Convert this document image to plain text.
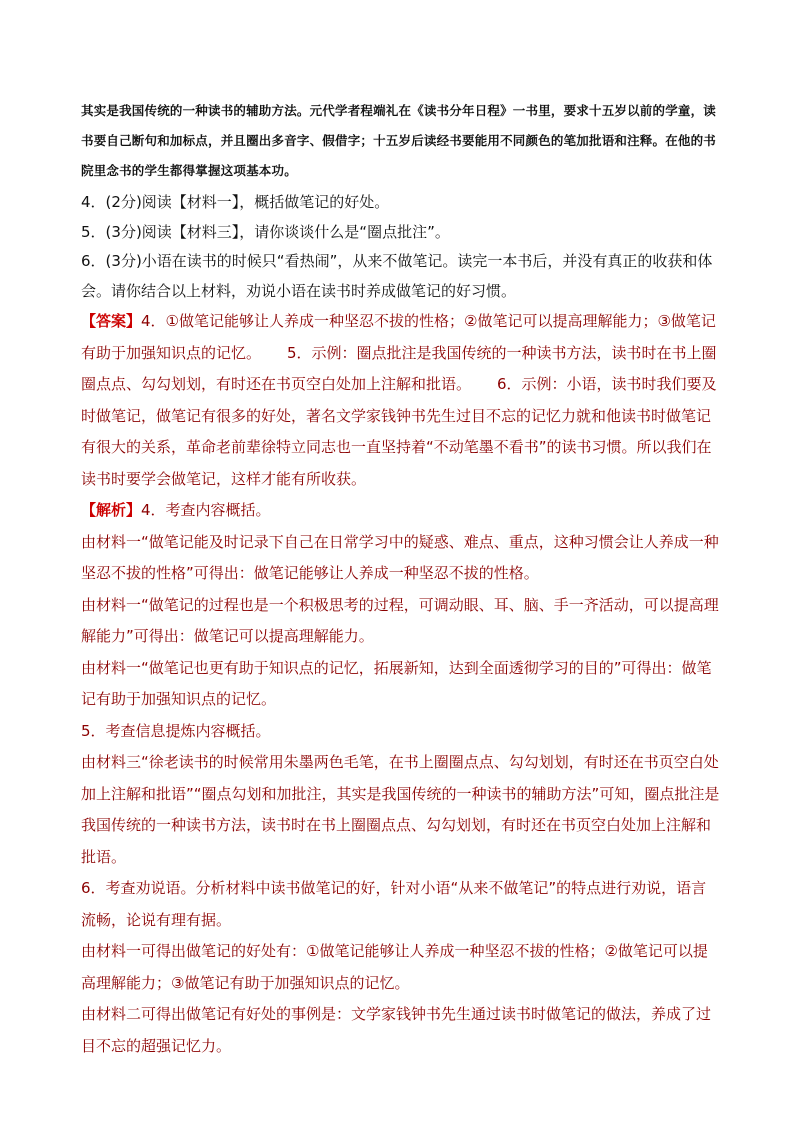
其实是我国传统的一种读书的辅助方法。元代学者程端礼在《读书分年日程》一书里，要求十五岁以前的学童，读书要自己断句和加标点，并且圈出多音字、假借字；十五岁后读经书要能用不同颜色的笔加批语和注释。在他的书院里念书的学生都得掌握这项基本功。

4．(2分)阅读【材料一】，概括做笔记的好处。

5．(3分)阅读【材料三】，请你谈谈什么是“圈点批注”。

6．(3分)小语在读书的时候只“看热闹”，从来不做笔记。读完一本书后，并没有真正的收获和体会。请你结合以上材料，劝说小语在读书时养成做笔记的好习惯。

【答案】4．①做笔记能够让人养成一种坚忍不拔的性格；②做笔记可以提高理解能力；③做笔记有助于加强知识点的记忆。 5．示例：圈点批注是我国传统的一种读书方法，读书时在书上圈圈点点、勾勾划划，有时还在书页空白处加上注解和批语。 6．示例：小语，读书时我们要及时做笔记，做笔记有很多的好处，著名文学家钱钟书先生过目不忘的记忆力就和他读书时做笔记有很大的关系，革命老前辈徐特立同志也一直坚持着“不动笔墨不看书”的读书习惯。所以我们在读书时要学会做笔记，这样才能有所收获。

【解析】4．考查内容概括。

由材料一“做笔记能及时记录下自己在日常学习中的疑惑、难点、重点，这种习惯会让人养成一种坚忍不拔的性格”可得出：做笔记能够让人养成一种坚忍不拔的性格。

由材料一“做笔记的过程也是一个积极思考的过程，可调动眼、耳、脑、手一齐活动，可以提高理解能力”可得出：做笔记可以提高理解能力。

由材料一“做笔记也更有助于知识点的记忆，拓展新知，达到全面透彻学习的目的”可得出：做笔记有助于加强知识点的记忆。

5．考查信息提炼内容概括。

由材料三“徐老读书的时候常用朱墨两色毛笔，在书上圈圈点点、勾勾划划，有时还在书页空白处加上注解和批语”“圈点勾划和加批注，其实是我国传统的一种读书的辅助方法”可知，圈点批注是我国传统的一种读书方法，读书时在书上圈圈点点、勾勾划划，有时还在书页空白处加上注解和批语。

6．考查劝说语。分析材料中读书做笔记的好，针对小语“从来不做笔记”的特点进行劝说，语言流畅，论说有理有据。

由材料一可得出做笔记的好处有：①做笔记能够让人养成一种坚忍不拔的性格；②做笔记可以提高理解能力；③做笔记有助于加强知识点的记忆。

由材料二可得出做笔记有好处的事例是：文学家钱钟书先生通过读书时做笔记的做法，养成了过目不忘的超强记忆力。
